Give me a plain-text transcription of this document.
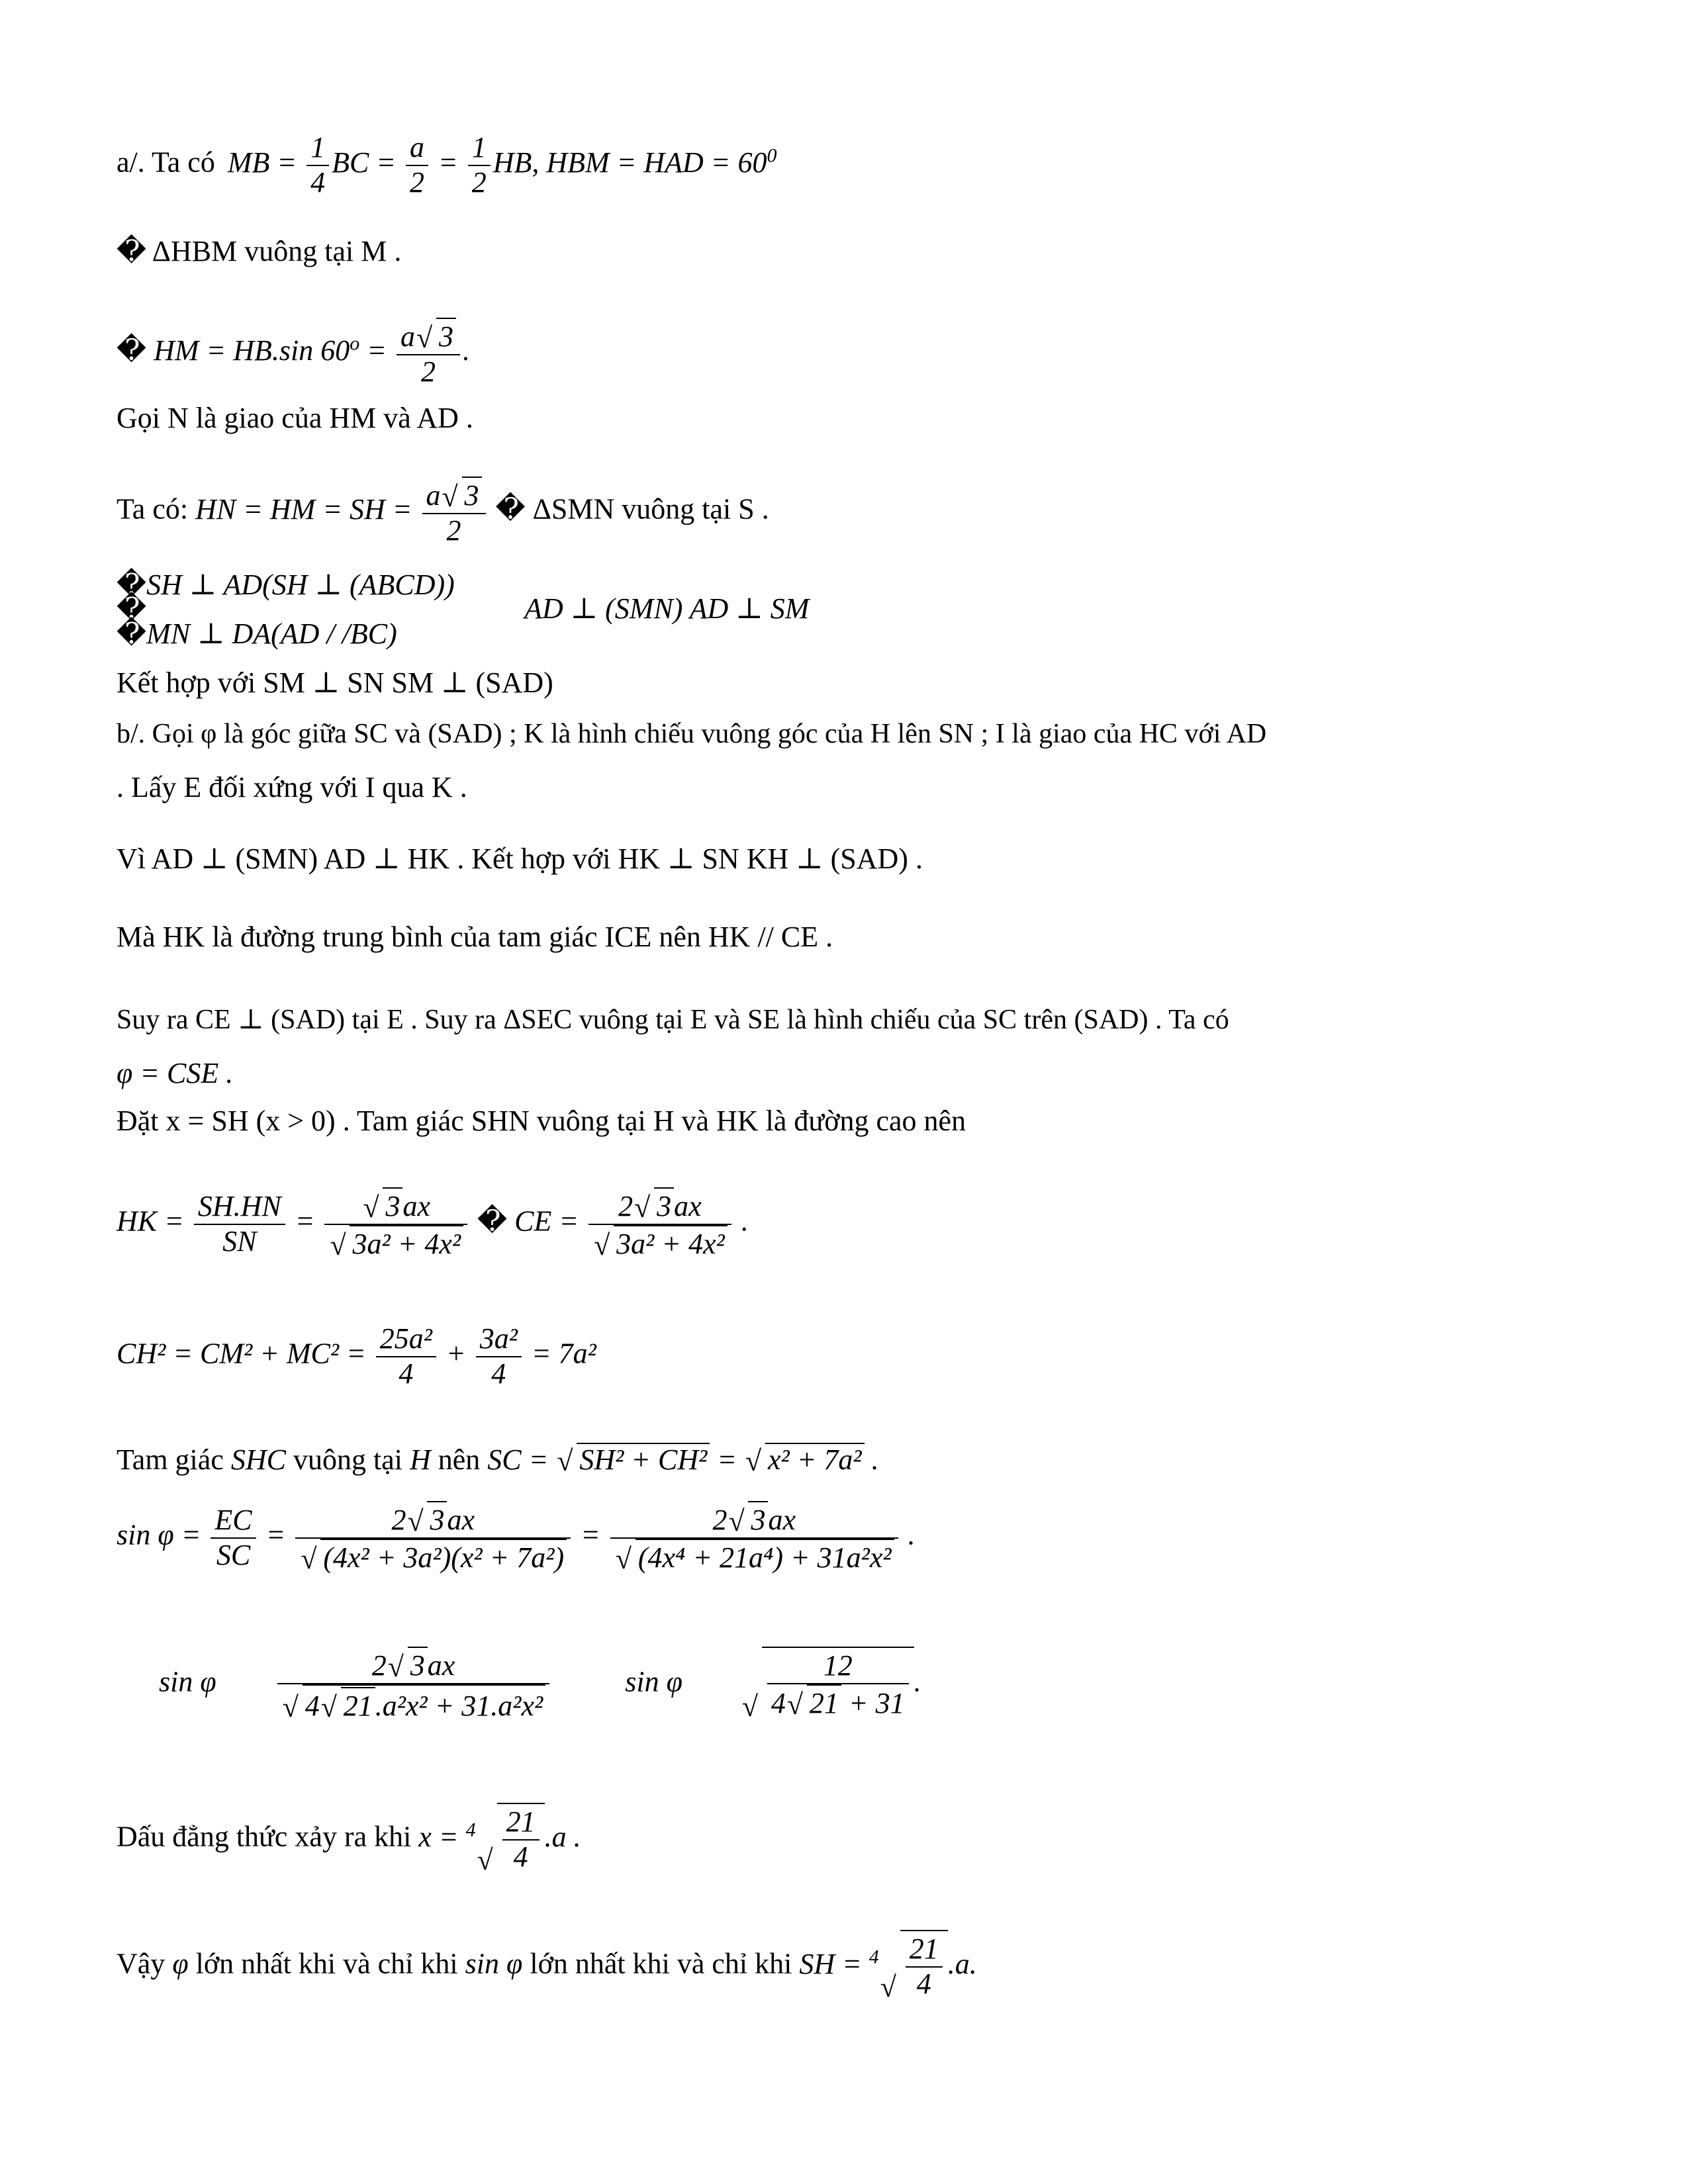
a/. Ta có MB = $\frac{1}{4}$ BC = $\frac{a}{2} = \frac{1}{2}$ HB, HBM = HAD = $60^0$
� ΔHBM vuông tại M .
� HM = HB.sin $60^o = \frac{a√ 3}{2}$ .
Gọi N là giao của HM và AD .
Ta có: HN = HM = SH = $\frac{a√ 3}{2}$ � ΔSMN vuông tại S .
�SH ⊥ AD(SH ⊥ (ABCD))
�	AD ⊥ (SMN) AD ⊥ SM
�MN ⊥ DA(AD / /BC)
Kết hợp với SM ⊥ SN SM ⊥ (SAD)
b/. Gọi φ là góc giữa SC và (SAD) ; K là hình chiếu vuông góc của H lên SN ; I là giao của HC với AD
. Lấy E đối xứng với I qua K .
Vì AD ⊥ (SMN) AD ⊥ HK . Kết hợp với HK ⊥ SN KH ⊥ (SAD) .
Mà HK là đường trung bình của tam giác ICE nên HK // CE .
Suy ra CE ⊥ (SAD) tại E . Suy ra ΔSEC vuông tại E và SE là hình chiếu của SC trên (SAD) . Ta có
φ = CSE .
Đặt x = SH (x > 0) . Tam giác SHN vuông tại H và HK là đường cao nên
HK = $\frac{SH.HN}{SN}$ =
√ 3ax
√ 3a² + 4x² � CE = 2√ 3ax
√ 3a² + 4x² .
$CH^2 = CM^2 + MC^2 = \frac{\text{25a²}}{4} + \frac{\text{3a²}}{4} = 7a^2$
Tam giác SHC vuông tại H nên SC = √ SH² + CH² = √ x² + 7a² .
$\sin \varphi = \frac{EC}{SC} = 2√$ 3ax
√ (4x² + 3a²)(x² + 7a²) = 2√ 3ax
√ (4x⁴ + 21a⁴) + 31a²x² .
sin φ 2√ 3ax
√ 4√ 21.a²x² + 31.a²x² sin φ
√ $\frac{12}{4√ 21 + 31}$ .
Dấu đẳng thức xảy ra khi x = $^4$
√ $\frac{21}{4} .a$ .
Vậy φ lớn nhất khi và chỉ khi sin φ lớn nhất khi và chỉ khi SH = $^4$
√ $\frac{21}{4} .a$.
